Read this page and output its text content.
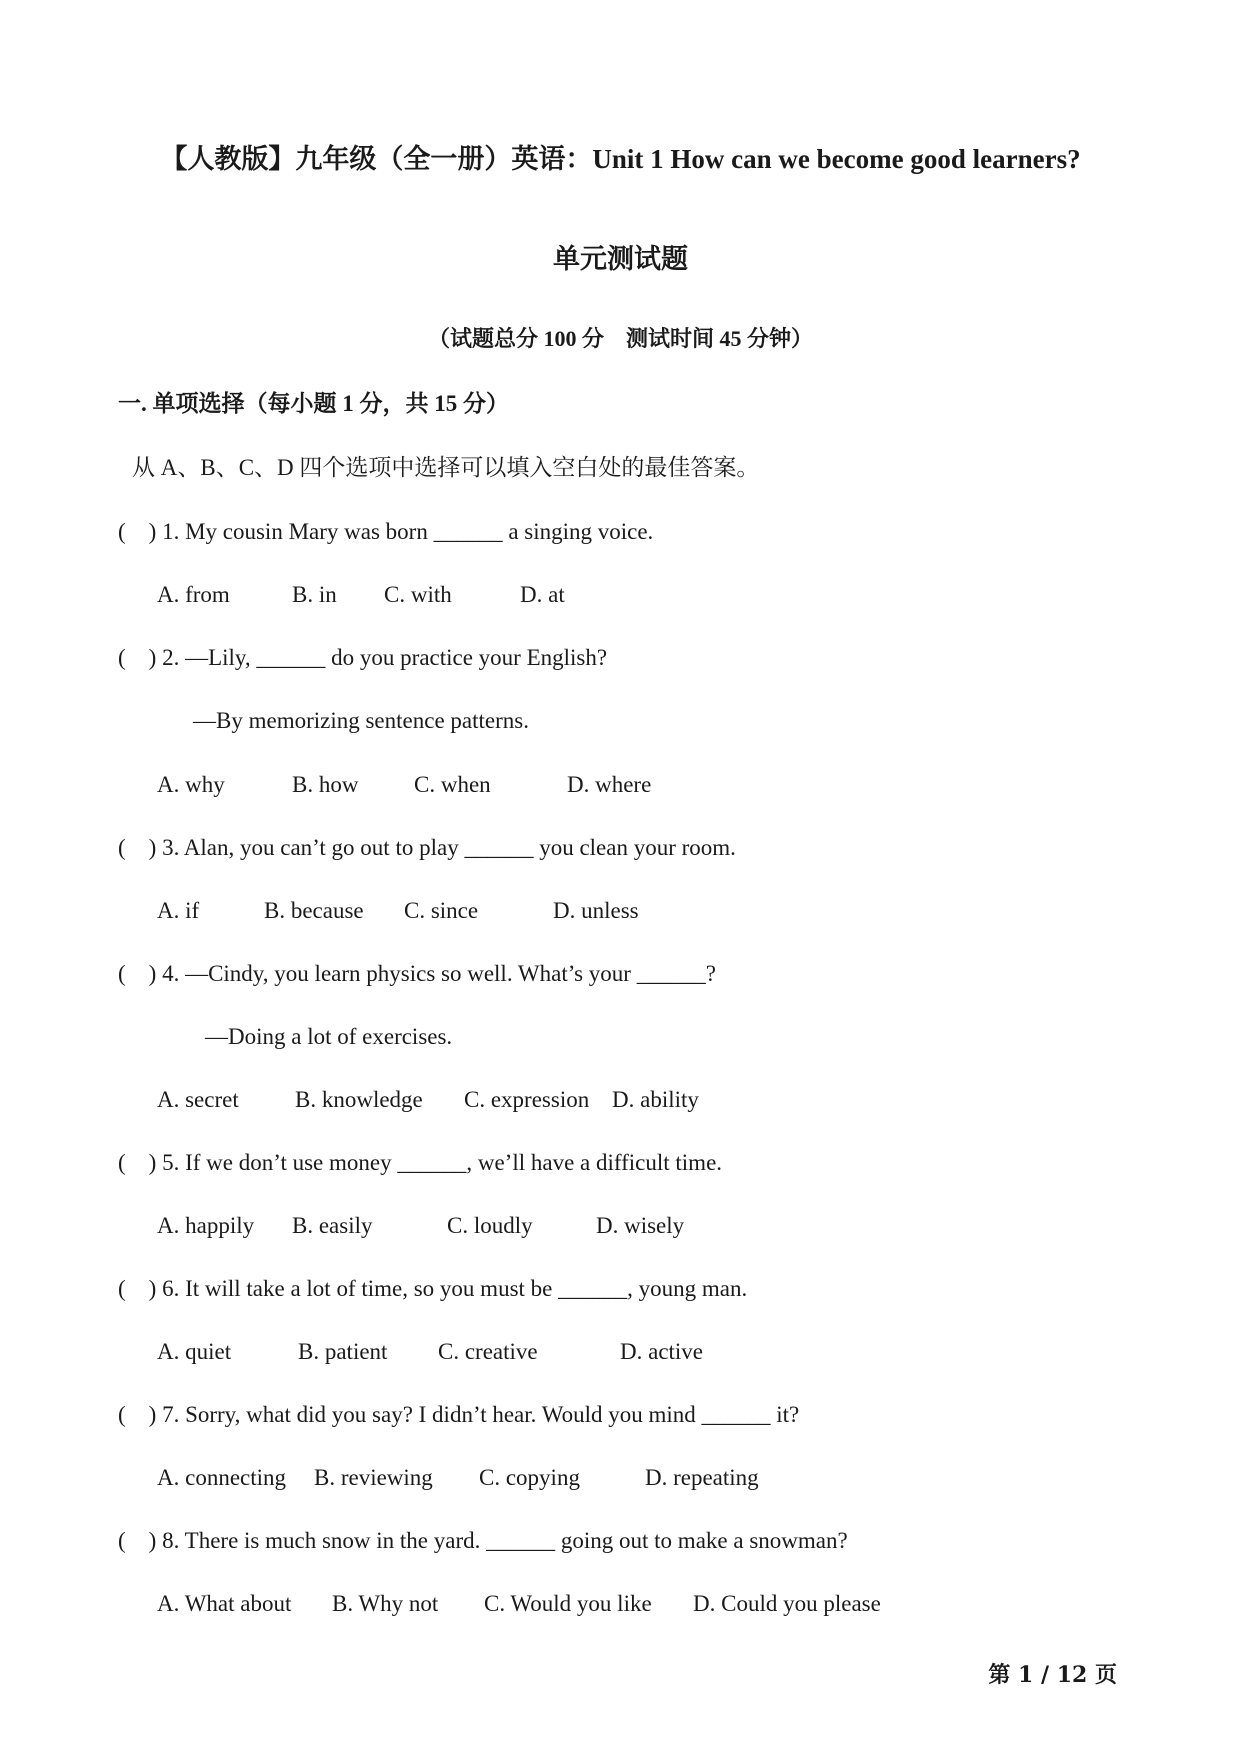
【人教版】九年级（全一册）英语：Unit 1 How can we become good learners?
单元测试题
（试题总分 100 分    测试时间 45 分钟）
一. 单项选择（每小题 1 分，共 15 分）
从 A、B、C、D 四个选项中选择可以填入空白处的最佳答案。
(    ) 1. My cousin Mary was born ______ a singing voice.
A. from	B. in C. with	D. at
(    ) 2. —Lily, ______ do you practice your English?
—By memorizing sentence patterns.
A. why	B. how C. when	D. where
(    ) 3. Alan, you can’t go out to play ______ you clean your room.
A. if	B. because C. since	D. unless
(    ) 4. —Cindy, you learn physics so well. What’s your ______?
—Doing a lot of exercises.
A. secret B. knowledge C. expression D. ability
(    ) 5. If we don’t use money ______, we’ll have a difficult time.
A. happily B. easily	C. loudly	D. wisely
(    ) 6. It will take a lot of time, so you must be ______, young man.
A. quiet	B. patient C. creative	D. active
(    ) 7. Sorry, what did you say? I didn’t hear. Would you mind ______ it?
A. connecting B. reviewing C. copying	D. repeating
(    ) 8. There is much snow in the yard. ______ going out to make a snowman?
A. What about B. Why not C. Would you like D. Could you please
第 1 / 12 页
